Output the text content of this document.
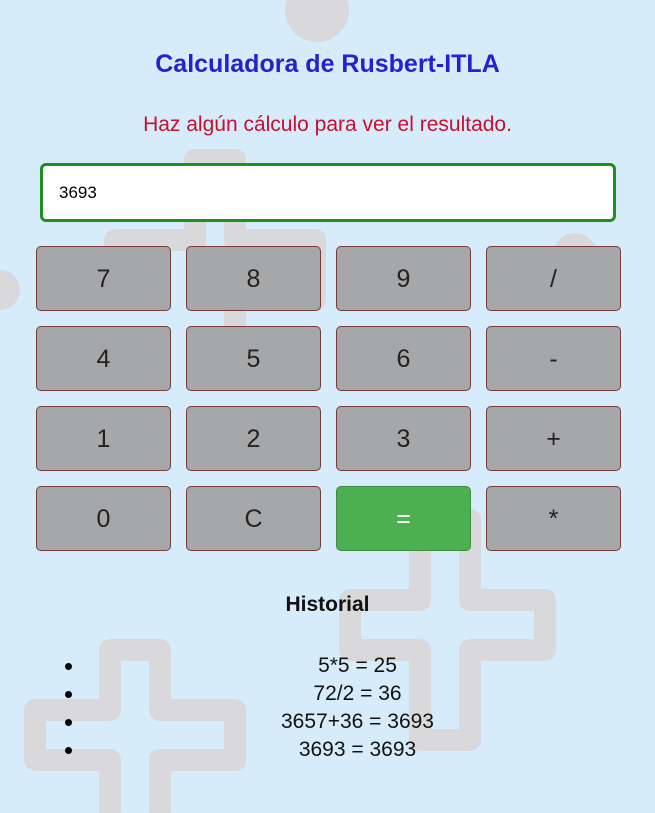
Calculadora de Rusbert-ITLA
Haz algún cálculo para ver el resultado.
3693
7	8	9	/
4	5	6	-
1	2	3	+
0	C	=	*
Historial
5*5 = 25
72/2 = 36
3657+36 = 3693
3693 = 3693
